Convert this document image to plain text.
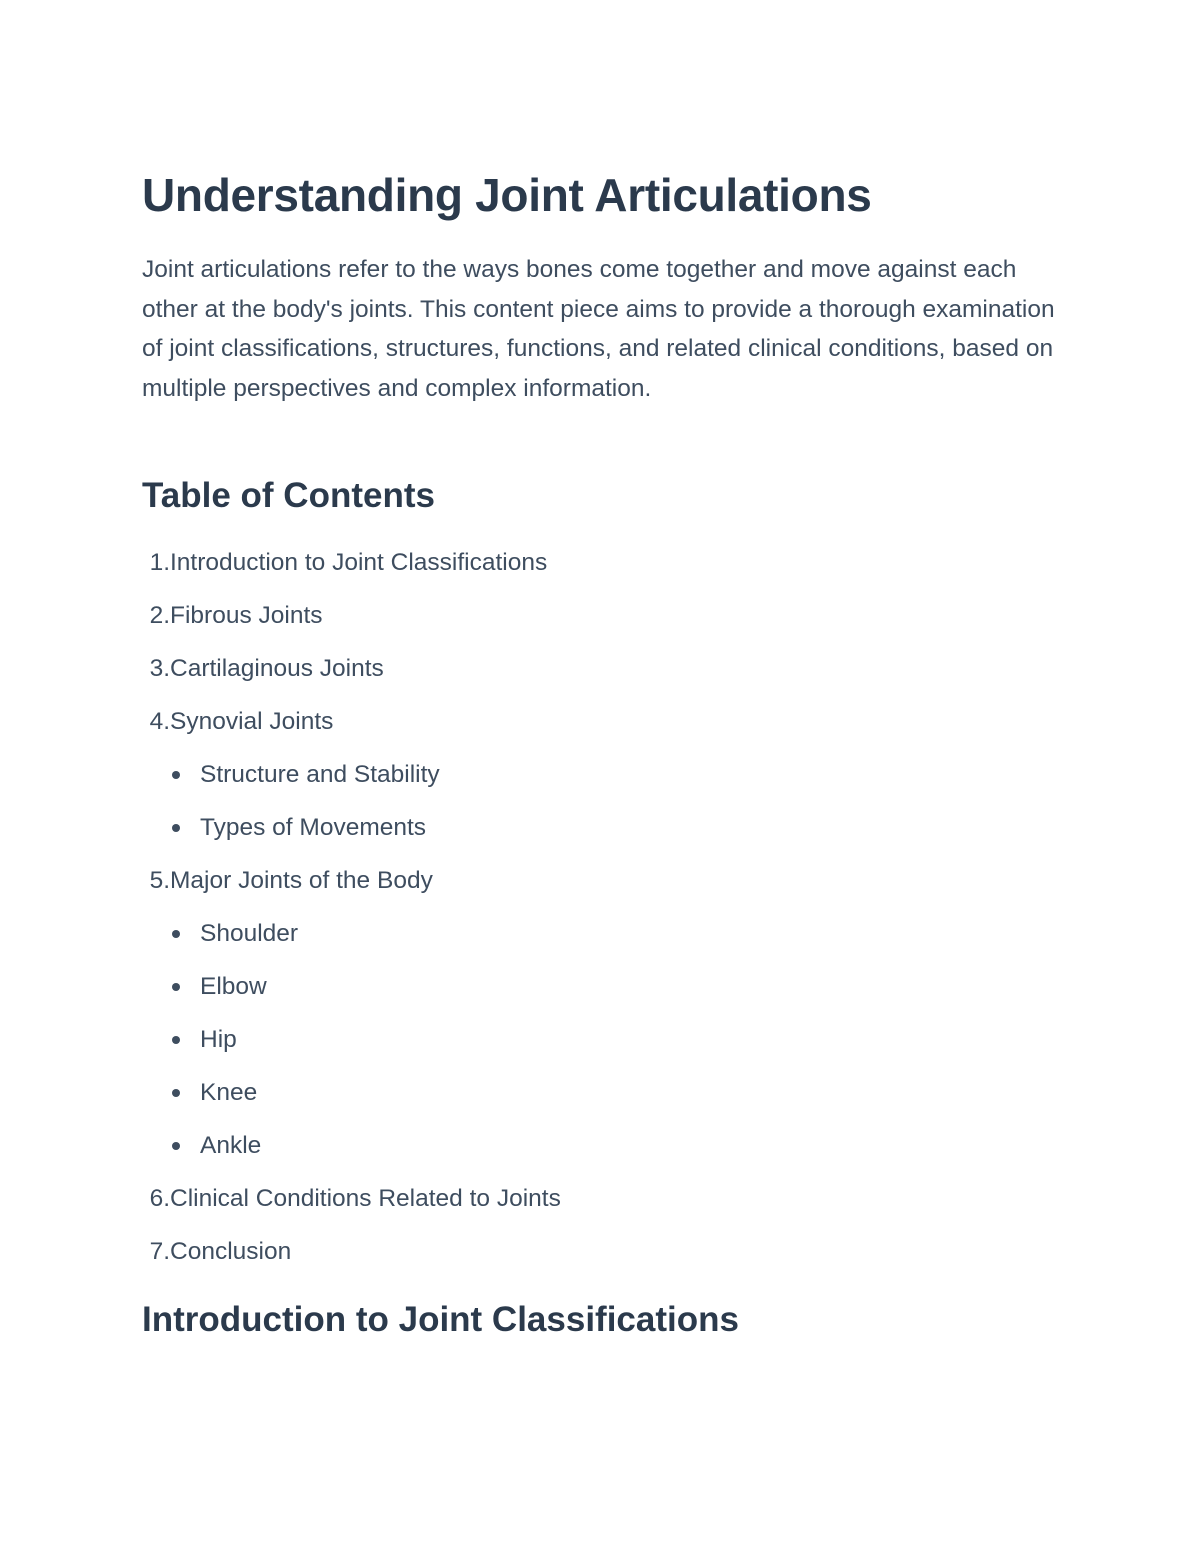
Understanding Joint Articulations

Joint articulations refer to the ways bones come together and move against each other at the body's joints. This content piece aims to provide a thorough examination of joint classifications, structures, functions, and related clinical conditions, based on multiple perspectives and complex information.

Table of Contents
1. Introduction to Joint Classifications
2. Fibrous Joints
3. Cartilaginous Joints
4. Synovial Joints
Structure and Stability
Types of Movements
5. Major Joints of the Body
Shoulder
Elbow
Hip
Knee
Ankle
6. Clinical Conditions Related to Joints
7. Conclusion
Introduction to Joint Classifications
